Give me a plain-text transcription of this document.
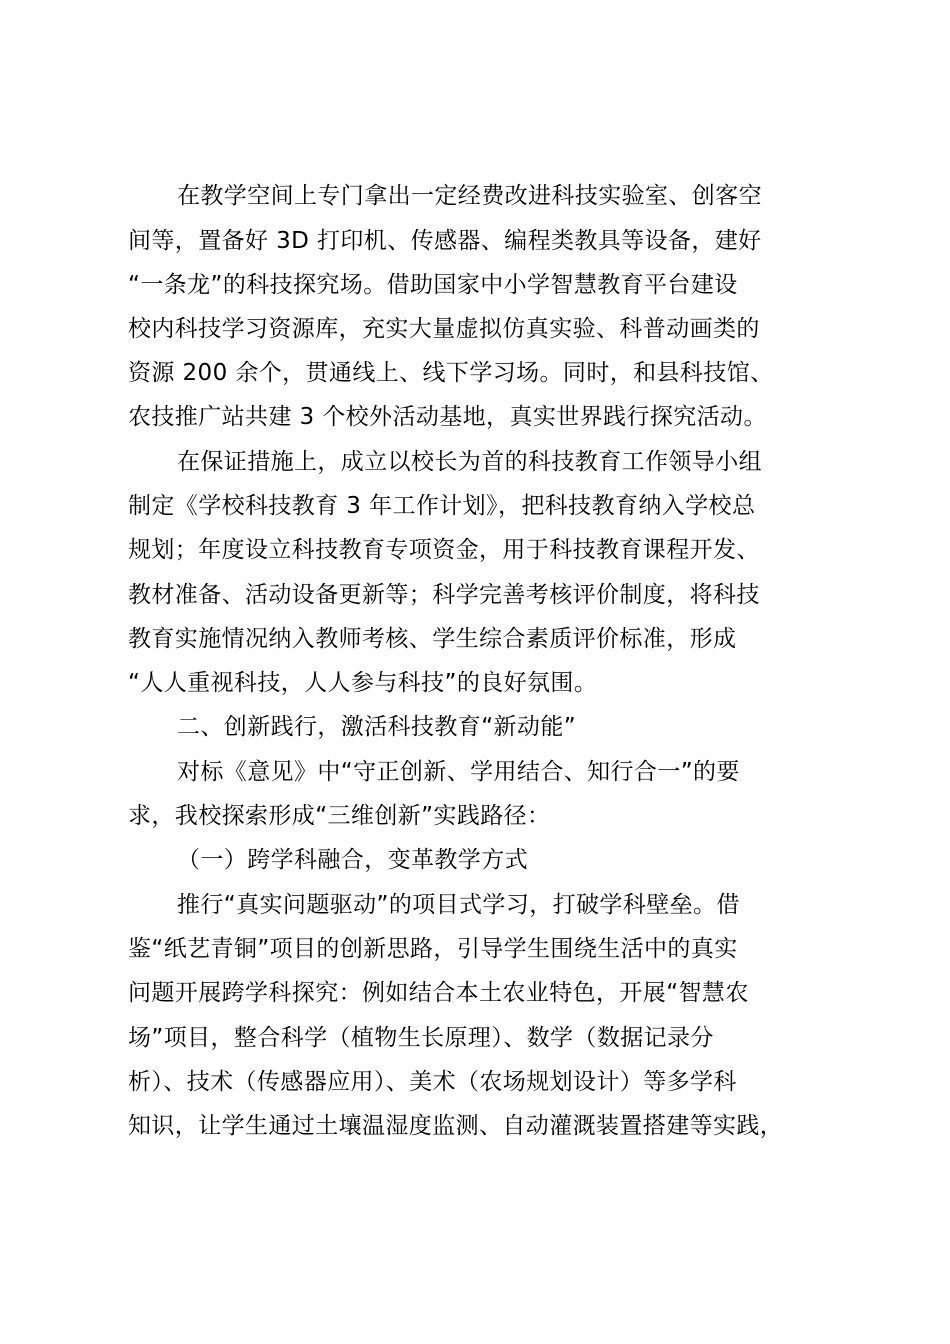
在教学空间上专门拿出一定经费改进科技实验室、创客空
间等，置备好 3D 打印机、传感器、编程类教具等设备，建好
“一条龙”的科技探究场。借助国家中小学智慧教育平台建设
校内科技学习资源库，充实大量虚拟仿真实验、科普动画类的
资源 200 余个，贯通线上、线下学习场。同时，和县科技馆、
农技推广站共建 3 个校外活动基地，真实世界践行探究活动。
在保证措施上，成立以校长为首的科技教育工作领导小组
制定《学校科技教育 3 年工作计划》，把科技教育纳入学校总
规划；年度设立科技教育专项资金，用于科技教育课程开发、
教材准备、活动设备更新等；科学完善考核评价制度，将科技
教育实施情况纳入教师考核、学生综合素质评价标准，形成
“人人重视科技，人人参与科技”的良好氛围。
二、创新践行，激活科技教育“新动能”
对标《意见》中“守正创新、学用结合、知行合一”的要
求，我校探索形成“三维创新”实践路径：
（一）跨学科融合，变革教学方式
推行“真实问题驱动”的项目式学习，打破学科壁垒。借
鉴“纸艺青铜”项目的创新思路，引导学生围绕生活中的真实
问题开展跨学科探究：例如结合本土农业特色，开展“智慧农
场”项目，整合科学（植物生长原理）、数学（数据记录分
析）、技术（传感器应用）、美术（农场规划设计）等多学科
知识，让学生通过土壤温湿度监测、自动灌溉装置搭建等实践，
